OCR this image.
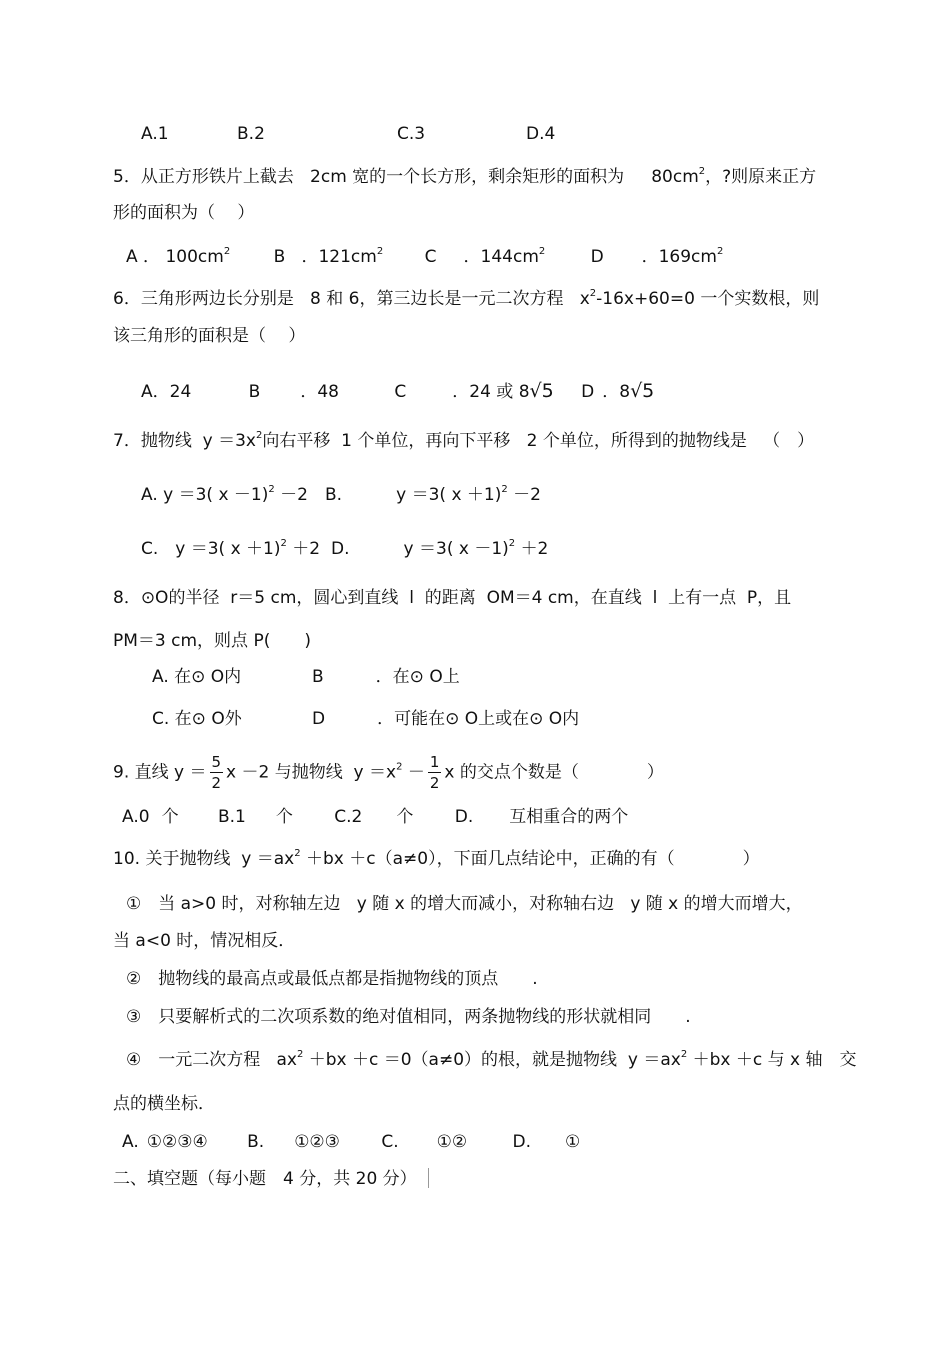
A.1	B.2	C.3	D.4
5．从正方形铁片上截去 2cm 宽的一个长方形，剩余矩形的面积为 $80cm^2$，?则原来正方
形的面积为（　 ）
A ． $100cm^2$	B ．$121cm^2$ C ．$144cm^2$	D ．$169cm^2$
6．三角形两边长分别是 8 和 6，第三边长是一元二次方程 $x^2-16x+60=0$ 一个实数根，则
该三角形的面积是（　 ）
A．24	B ．48	C	．24 或 8√5 D ．8√5
7．抛物线 $y =3x^2$向右平移 1 个单位，再向下平移 2 个单位，所得到的抛物线是 （　）
A. y ＝3( x －1)$^2$ －2 B.	y ＝3( x ＋1)$^2$ －2
C.　y ＝3( x ＋1)$^2$ ＋2 D.	y ＝3( x －1)$^2$ ＋2
8．⊙O的半径 r＝5 cm，圆心到直线 l 的距离 OM＝4 cm，在直线 l 上有一点 P，且
PM＝3 cm，则点 P(　　)
A. 在⊙ O内	B	．在⊙ O上
C. 在⊙ O外	D	．可能在⊙ O上或在⊙ O内
9. 直线 $y = \frac{5}{2}$ x －2 与抛物线 $y =x^2 - \frac{1}{2}$ x 的交点个数是（　　　　）
A.0 个 B.1 个 C.2 个 D. 互相重合的两个
10. 关于抛物线 $y =ax^2 +bx +c(a\ne 0)$，下面几点结论中，正确的有（　　　　）
①　当 a>0 时，对称轴左边 y 随 x 的增大而减小，对称轴右边 y 随 x 的增大而增大，
当 a<0 时，情况相反．
②　抛物线的最高点或最低点都是指抛物线的顶点　　.
③　只要解析式的二次项系数的绝对值相同，两条抛物线的形状就相同　　.
④　一元二次方程 $ax^2 +bx +c =0(a\ne 0)$的根，就是抛物线 $y =ax^2 +bx +c$ 与 x 轴　交
点的横坐标．
A. ①②③④ B. ①②③ C. ①②	D. ①
二、填空题（每小题　4 分，共 20 分）
